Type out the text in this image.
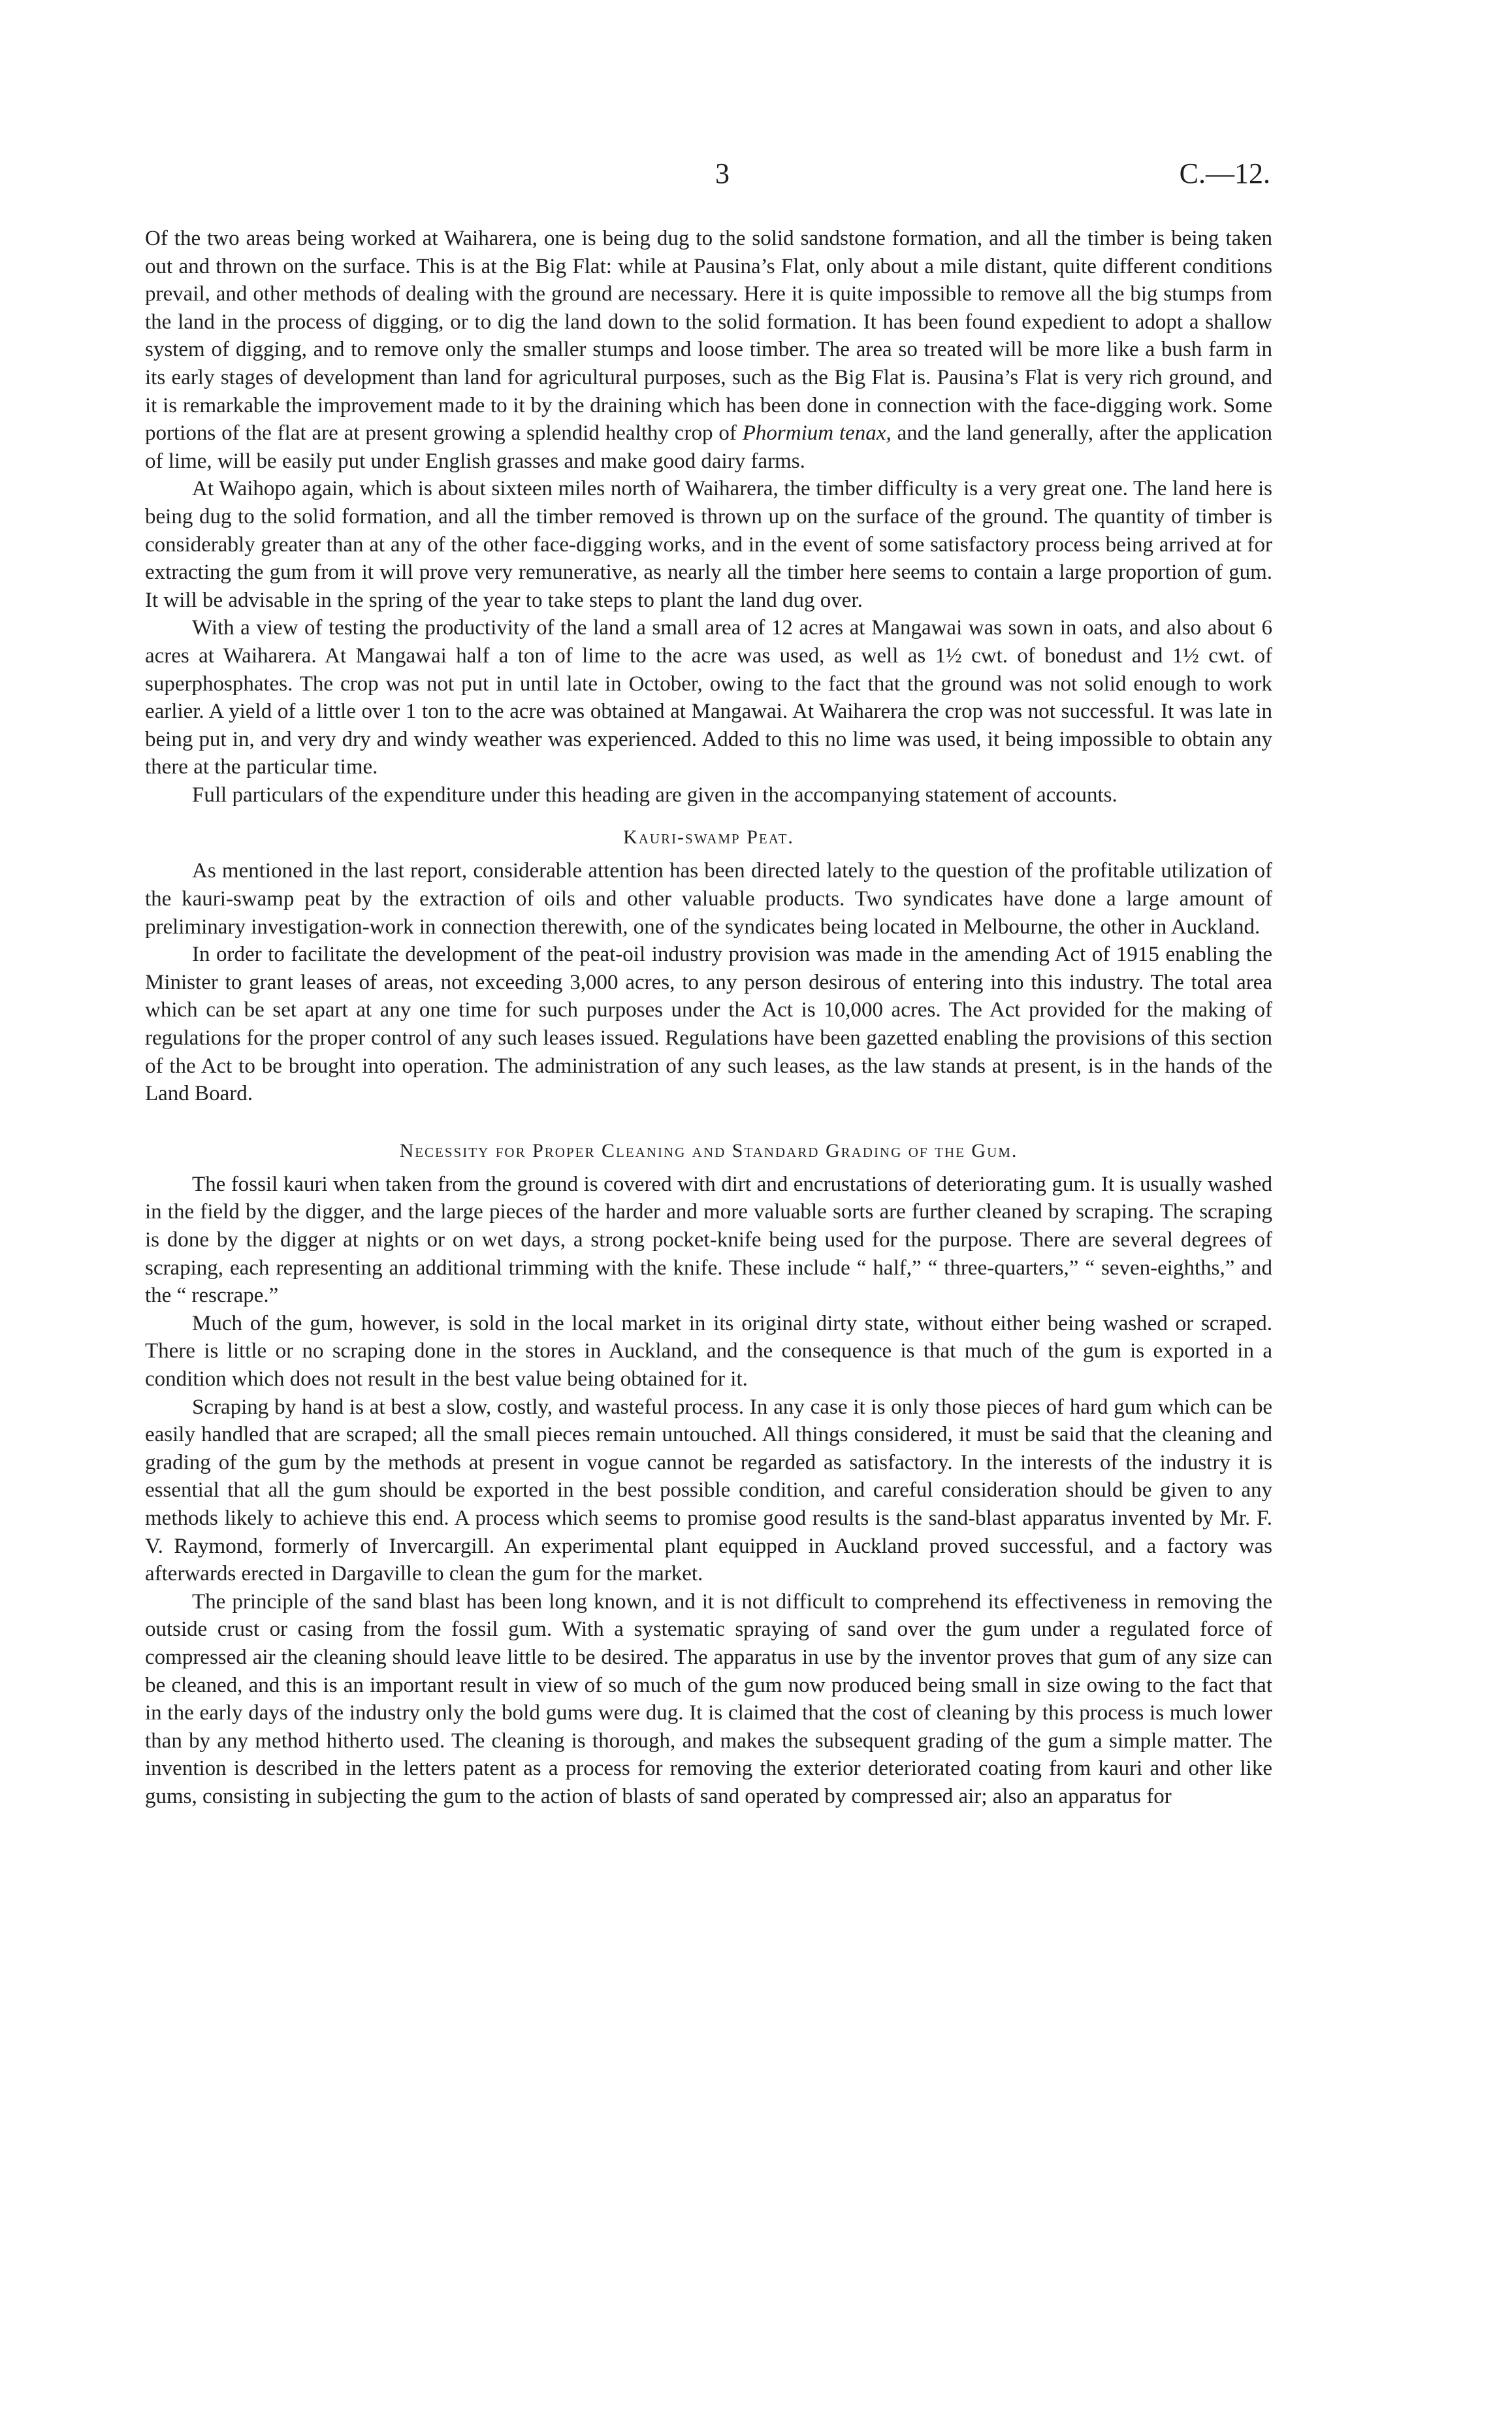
3	C.—12.

Of the two areas being worked at Waiharera, one is being dug to the solid sandstone formation, and all the timber is being taken out and thrown on the surface. This is at the Big Flat: while at Pausina’s Flat, only about a mile distant, quite different conditions prevail, and other methods of dealing with the ground are necessary. Here it is quite impossible to remove all the big stumps from the land in the process of digging, or to dig the land down to the solid formation. It has been found expedient to adopt a shallow system of digging, and to remove only the smaller stumps and loose timber. The area so treated will be more like a bush farm in its early stages of development than land for agricultural purposes, such as the Big Flat is. Pausina’s Flat is very rich ground, and it is remarkable the improvement made to it by the draining which has been done in connection with the face-digging work. Some portions of the flat are at present growing a splendid healthy crop of Phormium tenax, and the land generally, after the application of lime, will be easily put under English grasses and make good dairy farms.

At Waihopo again, which is about sixteen miles north of Waiharera, the timber difficulty is a very great one. The land here is being dug to the solid formation, and all the timber removed is thrown up on the surface of the ground. The quantity of timber is considerably greater than at any of the other face-digging works, and in the event of some satisfactory process being arrived at for extracting the gum from it will prove very remunerative, as nearly all the timber here seems to contain a large proportion of gum. It will be advisable in the spring of the year to take steps to plant the land dug over.

With a view of testing the productivity of the land a small area of 12 acres at Mangawai was sown in oats, and also about 6 acres at Waiharera. At Mangawai half a ton of lime to the acre was used, as well as 1½ cwt. of bonedust and 1½ cwt. of superphosphates. The crop was not put in until late in October, owing to the fact that the ground was not solid enough to work earlier. A yield of a little over 1 ton to the acre was obtained at Mangawai. At Waiharera the crop was not successful. It was late in being put in, and very dry and windy weather was experienced. Added to this no lime was used, it being impossible to obtain any there at the particular time.

Full particulars of the expenditure under this heading are given in the accompanying statement of accounts.

Kauri-swamp Peat.

As mentioned in the last report, considerable attention has been directed lately to the question of the profitable utilization of the kauri-swamp peat by the extraction of oils and other valuable products. Two syndicates have done a large amount of preliminary investigation-work in connection therewith, one of the syndicates being located in Melbourne, the other in Auckland.

In order to facilitate the development of the peat-oil industry provision was made in the amending Act of 1915 enabling the Minister to grant leases of areas, not exceeding 3,000 acres, to any person desirous of entering into this industry. The total area which can be set apart at any one time for such purposes under the Act is 10,000 acres. The Act provided for the making of regulations for the proper control of any such leases issued. Regulations have been gazetted enabling the provisions of this section of the Act to be brought into operation. The administration of any such leases, as the law stands at present, is in the hands of the Land Board.

Necessity for Proper Cleaning and Standard Grading of the Gum.

The fossil kauri when taken from the ground is covered with dirt and encrustations of deteriorating gum. It is usually washed in the field by the digger, and the large pieces of the harder and more valuable sorts are further cleaned by scraping. The scraping is done by the digger at nights or on wet days, a strong pocket-knife being used for the purpose. There are several degrees of scraping, each representing an additional trimming with the knife. These include “ half,” “ three-quarters,” “ seven-eighths,” and the “ rescrape.”

Much of the gum, however, is sold in the local market in its original dirty state, without either being washed or scraped. There is little or no scraping done in the stores in Auckland, and the consequence is that much of the gum is exported in a condition which does not result in the best value being obtained for it.

Scraping by hand is at best a slow, costly, and wasteful process. In any case it is only those pieces of hard gum which can be easily handled that are scraped; all the small pieces remain untouched. All things considered, it must be said that the cleaning and grading of the gum by the methods at present in vogue cannot be regarded as satisfactory. In the interests of the industry it is essential that all the gum should be exported in the best possible condition, and careful consideration should be given to any methods likely to achieve this end. A process which seems to promise good results is the sand-blast apparatus invented by Mr. F. V. Raymond, formerly of Invercargill. An experimental plant equipped in Auckland proved successful, and a factory was afterwards erected in Dargaville to clean the gum for the market.

The principle of the sand blast has been long known, and it is not difficult to comprehend its effectiveness in removing the outside crust or casing from the fossil gum. With a systematic spraying of sand over the gum under a regulated force of compressed air the cleaning should leave little to be desired. The apparatus in use by the inventor proves that gum of any size can be cleaned, and this is an important result in view of so much of the gum now produced being small in size owing to the fact that in the early days of the industry only the bold gums were dug. It is claimed that the cost of cleaning by this process is much lower than by any method hitherto used. The cleaning is thorough, and makes the subsequent grading of the gum a simple matter. The invention is described in the letters patent as a process for removing the exterior deteriorated coating from kauri and other like gums, consisting in subjecting the gum to the action of blasts of sand operated by compressed air; also an apparatus for
